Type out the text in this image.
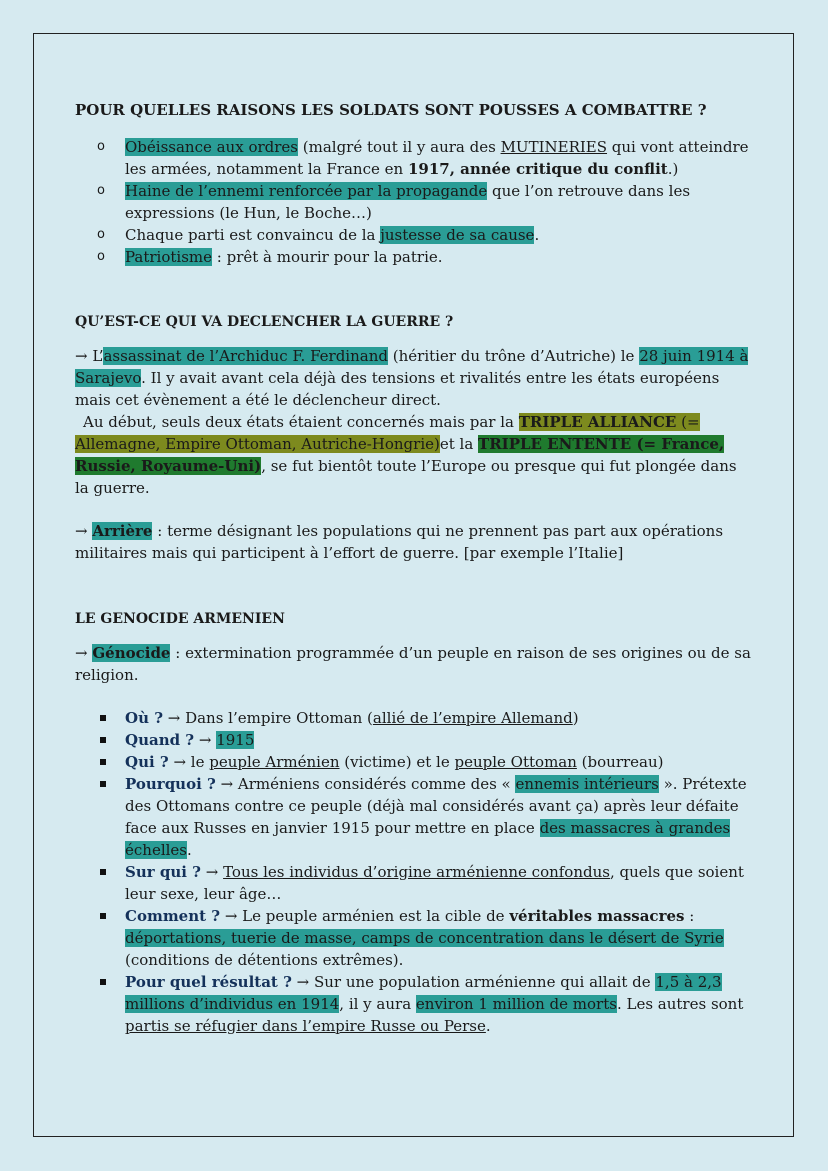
POUR QUELLES RAISONS LES SOLDATS SONT POUSSES A COMBATTRE ?
o Obéissance aux ordres (malgré tout il y aura des MUTINERIES qui vont atteindre les armées, notamment la France en 1917, année critique du conflit.)
o Haine de l’ennemi renforcée par la propagande que l’on retrouve dans les expressions (le Hun, le Boche…)
o Chaque parti est convaincu de la justesse de sa cause.
o Patriotisme : prêt à mourir pour la patrie.
QU’EST-CE QUI VA DECLENCHER LA GUERRE ?

→ L’assassinat de l’Archiduc F. Ferdinand (héritier du trône d’Autriche) le 28 juin 1914 à Sarajevo. Il y avait avant cela déjà des tensions et rivalités entre les états européens mais cet évènement a été le déclencheur direct.

Au début, seuls deux états étaient concernés mais par la TRIPLE ALLIANCE (= Allemagne, Empire Ottoman, Autriche-Hongrie)et la TRIPLE ENTENTE (= France, Russie, Royaume-Uni), se fut bientôt toute l’Europe ou presque qui fut plongée dans la guerre.

→ Arrière : terme désignant les populations qui ne prennent pas part aux opérations militaires mais qui participent à l’effort de guerre. [par exemple l’Italie]

LE GENOCIDE ARMENIEN

→ Génocide : extermination programmée d’un peuple en raison de ses origines ou de sa religion.

Où ? → Dans l’empire Ottoman (allié de l’empire Allemand)
Quand ? → 1915
Qui ? → le peuple Arménien (victime) et le peuple Ottoman (bourreau)
Pourquoi ? → Arméniens considérés comme des « ennemis intérieurs ». Prétexte des Ottomans contre ce peuple (déjà mal considérés avant ça) après leur défaite face aux Russes en janvier 1915 pour mettre en place des massacres à grandes échelles.
Sur qui ? → Tous les individus d’origine arménienne confondus, quels que soient leur sexe, leur âge…
Comment ? → Le peuple arménien est la cible de véritables massacres : déportations, tuerie de masse, camps de concentration dans le désert de Syrie (conditions de détentions extrêmes).
Pour quel résultat ? → Sur une population arménienne qui allait de 1,5 à 2,3 millions d’individus en 1914, il y aura environ 1 million de morts. Les autres sont partis se réfugier dans l’empire Russe ou Perse.
